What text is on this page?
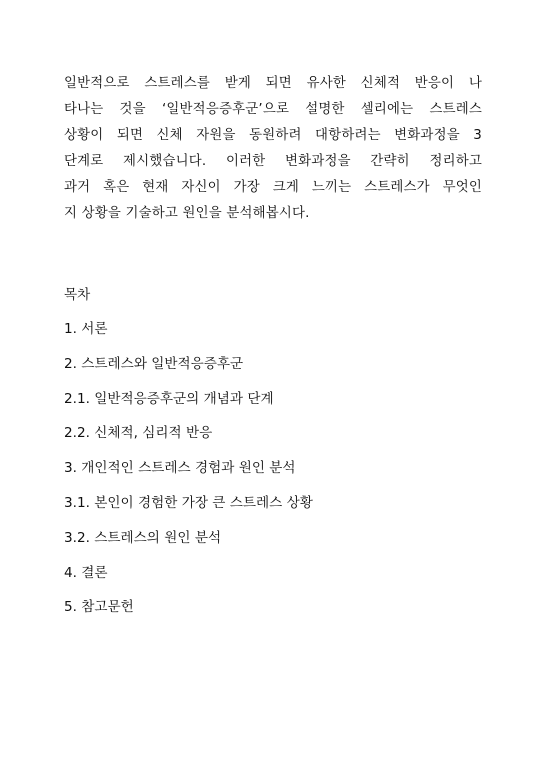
일반적으로 스트레스를 받게 되면 유사한 신체적 반응이 나
타나는 것을 ‘일반적응증후군’으로 설명한 셀리에는 스트레스
상황이 되면 신체 자원을 동원하려 대항하려는 변화과정을 3
단계로 제시했습니다. 이러한 변화과정을 간략히 정리하고
과거 혹은 현재 자신이 가장 크게 느끼는 스트레스가 무엇인
지 상황을 기술하고 원인을 분석해봅시다.
목차
1. 서론
2. 스트레스와 일반적응증후군
2.1. 일반적응증후군의 개념과 단계
2.2. 신체적, 심리적 반응
3. 개인적인 스트레스 경험과 원인 분석
3.1. 본인이 경험한 가장 큰 스트레스 상황
3.2. 스트레스의 원인 분석
4. 결론
5. 참고문헌
